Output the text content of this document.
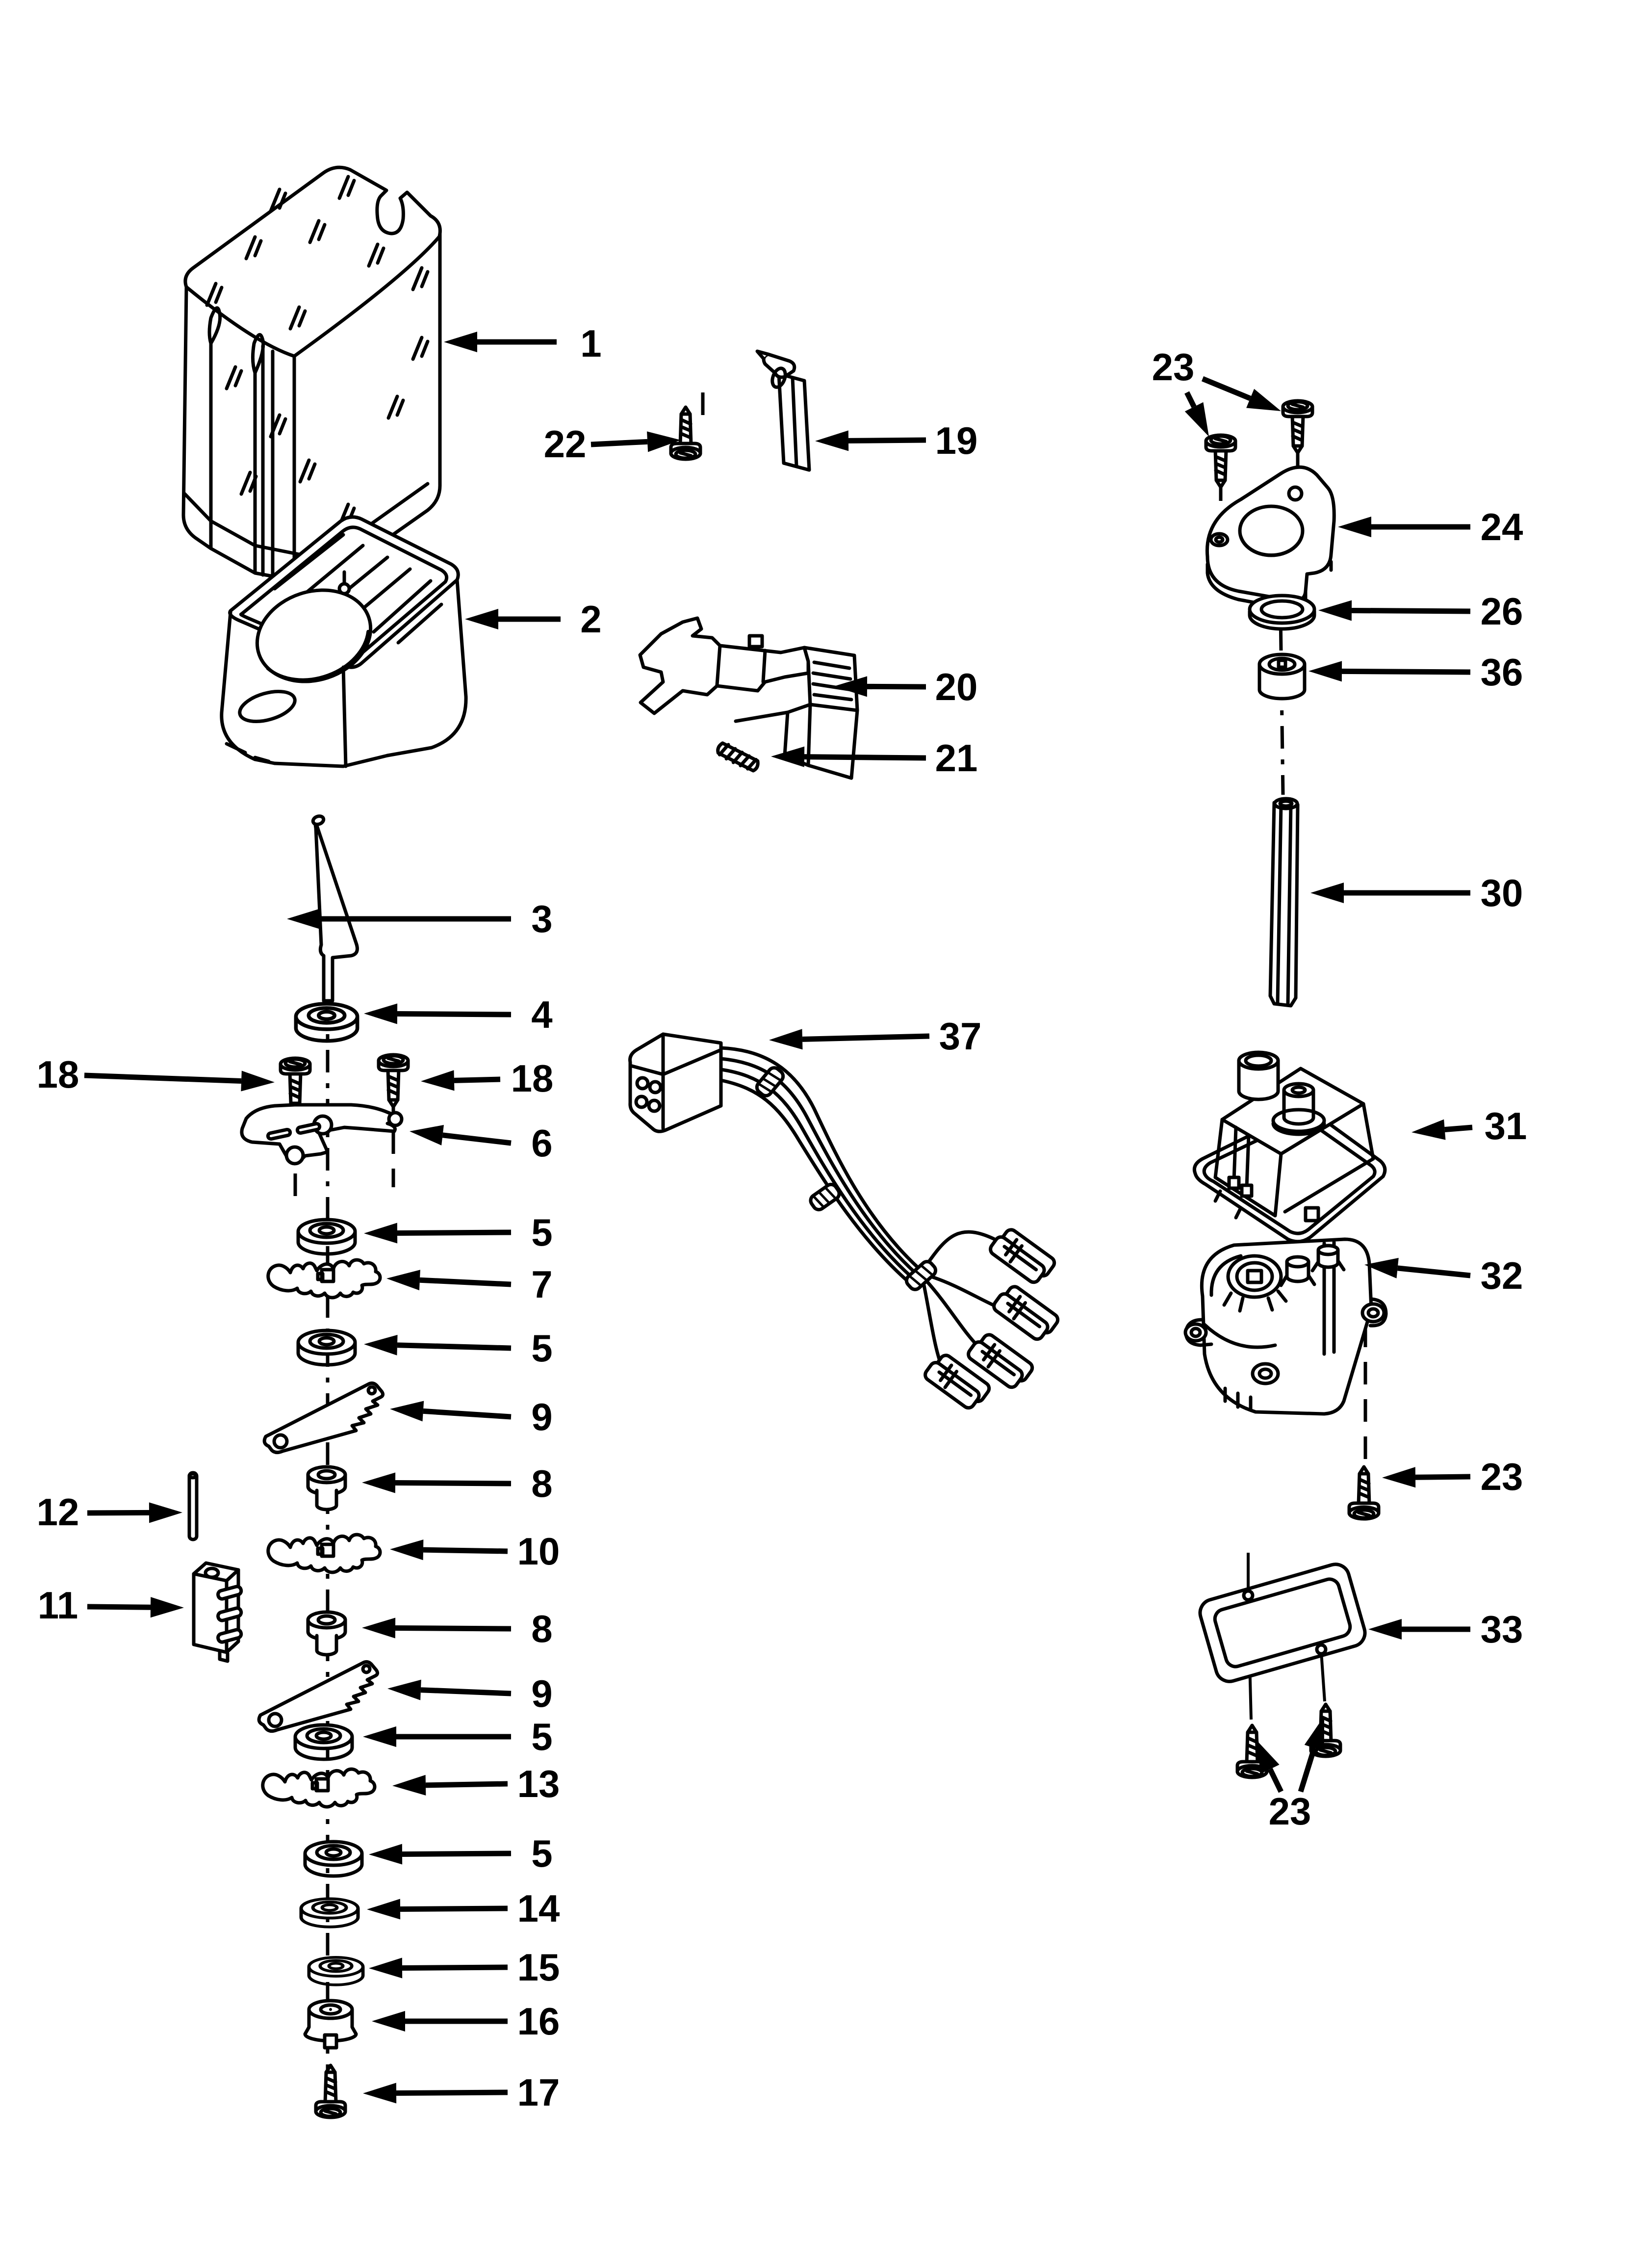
1
2
22	19
20
21
37
3
4
18
18
6
5
7
5
9
8
10
8
9
5
13
5
14
15
16
17
12
11
23
24
26
36
30
31
32
23
33
23
